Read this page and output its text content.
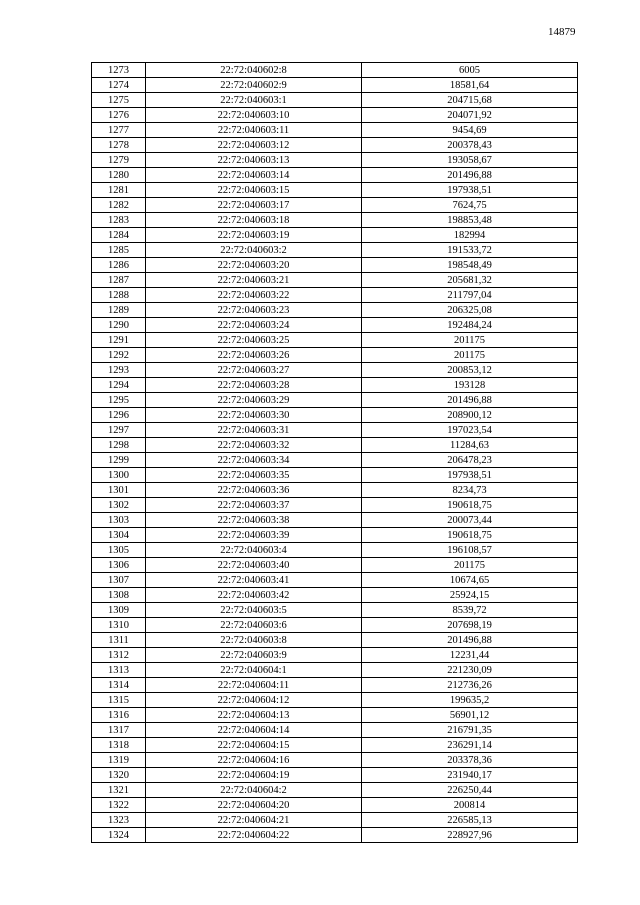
14879
1273	22:72:040602:8	6005
1274	22:72:040602:9	18581,64
1275	22:72:040603:1	204715,68
1276	22:72:040603:10	204071,92
1277	22:72:040603:11	9454,69
1278	22:72:040603:12	200378,43
1279	22:72:040603:13	193058,67
1280	22:72:040603:14	201496,88
1281	22:72:040603:15	197938,51
1282	22:72:040603:17	7624,75
1283	22:72:040603:18	198853,48
1284	22:72:040603:19	182994
1285	22:72:040603:2	191533,72
1286	22:72:040603:20	198548,49
1287	22:72:040603:21	205681,32
1288	22:72:040603:22	211797,04
1289	22:72:040603:23	206325,08
1290	22:72:040603:24	192484,24
1291	22:72:040603:25	201175
1292	22:72:040603:26	201175
1293	22:72:040603:27	200853,12
1294	22:72:040603:28	193128
1295	22:72:040603:29	201496,88
1296	22:72:040603:30	208900,12
1297	22:72:040603:31	197023,54
1298	22:72:040603:32	11284,63
1299	22:72:040603:34	206478,23
1300	22:72:040603:35	197938,51
1301	22:72:040603:36	8234,73
1302	22:72:040603:37	190618,75
1303	22:72:040603:38	200073,44
1304	22:72:040603:39	190618,75
1305	22:72:040603:4	196108,57
1306	22:72:040603:40	201175
1307	22:72:040603:41	10674,65
1308	22:72:040603:42	25924,15
1309	22:72:040603:5	8539,72
1310	22:72:040603:6	207698,19
1311	22:72:040603:8	201496,88
1312	22:72:040603:9	12231,44
1313	22:72:040604:1	221230,09
1314	22:72:040604:11	212736,26
1315	22:72:040604:12	199635,2
1316	22:72:040604:13	56901,12
1317	22:72:040604:14	216791,35
1318	22:72:040604:15	236291,14
1319	22:72:040604:16	203378,36
1320	22:72:040604:19	231940,17
1321	22:72:040604:2	226250,44
1322	22:72:040604:20	200814
1323	22:72:040604:21	226585,13
1324	22:72:040604:22	228927,96
